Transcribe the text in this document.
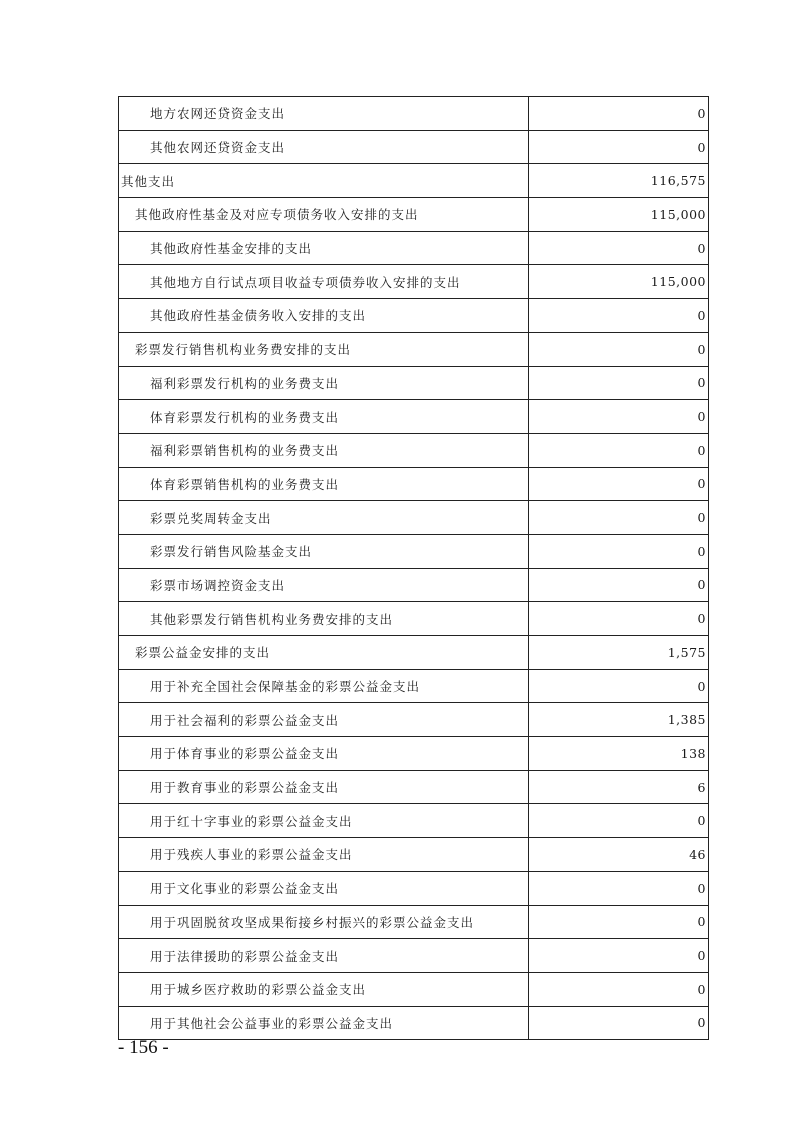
地方农网还贷资金支出	0
其他农网还贷资金支出	0
其他支出	116,575
其他政府性基金及对应专项债务收入安排的支出	115,000
其他政府性基金安排的支出	0
其他地方自行试点项目收益专项债券收入安排的支出	115,000
其他政府性基金债务收入安排的支出	0
彩票发行销售机构业务费安排的支出	0
福利彩票发行机构的业务费支出	0
体育彩票发行机构的业务费支出	0
福利彩票销售机构的业务费支出	0
体育彩票销售机构的业务费支出	0
彩票兑奖周转金支出	0
彩票发行销售风险基金支出	0
彩票市场调控资金支出	0
其他彩票发行销售机构业务费安排的支出	0
彩票公益金安排的支出	1,575
用于补充全国社会保障基金的彩票公益金支出	0
用于社会福利的彩票公益金支出	1,385
用于体育事业的彩票公益金支出	138
用于教育事业的彩票公益金支出	6
用于红十字事业的彩票公益金支出	0
用于残疾人事业的彩票公益金支出	46
用于文化事业的彩票公益金支出	0
用于巩固脱贫攻坚成果衔接乡村振兴的彩票公益金支出	0
用于法律援助的彩票公益金支出	0
用于城乡医疗救助的彩票公益金支出	0
用于其他社会公益事业的彩票公益金支出	0
- 156 -
